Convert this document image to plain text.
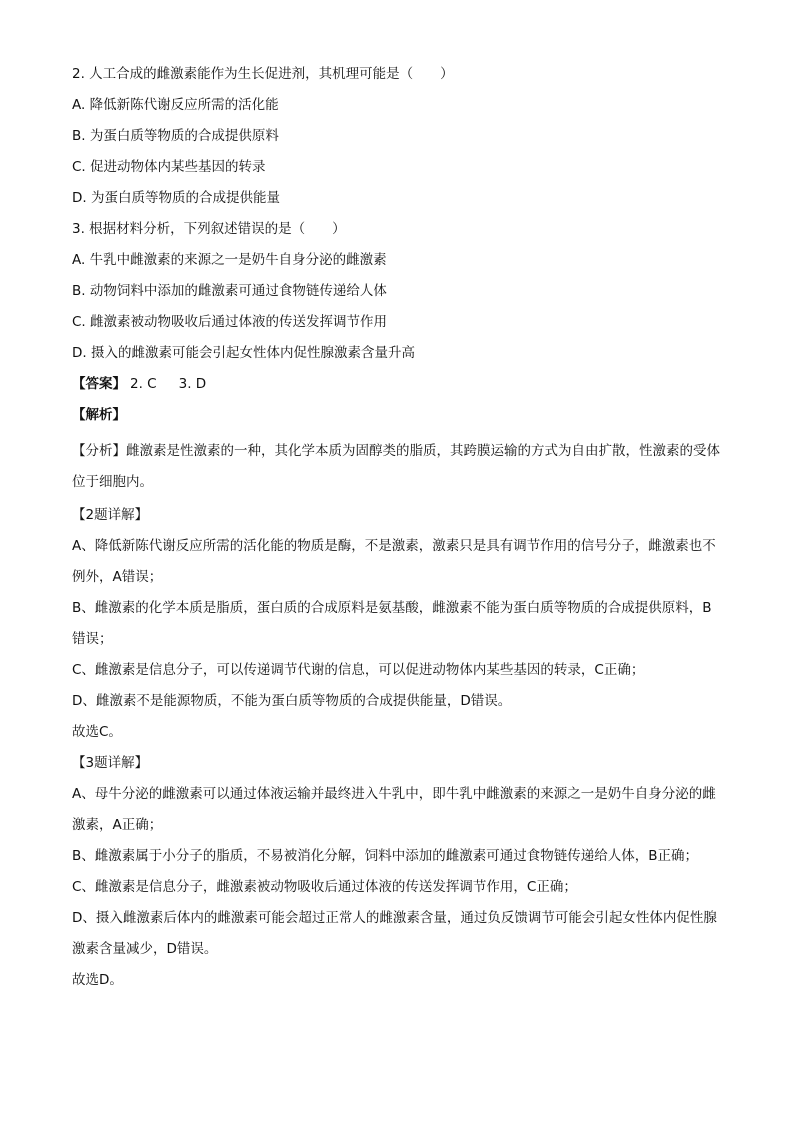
2. 人工合成的雌激素能作为生长促进剂，其机理可能是（　　）

A. 降低新陈代谢反应所需的活化能

B. 为蛋白质等物质的合成提供原料

C. 促进动物体内某些基因的转录

D. 为蛋白质等物质的合成提供能量

3. 根据材料分析，下列叙述错误的是（　　）

A. 牛乳中雌激素的来源之一是奶牛自身分泌的雌激素

B. 动物饲料中添加的雌激素可通过食物链传递给人体

C. 雌激素被动物吸收后通过体液的传送发挥调节作用

D. 摄入的雌激素可能会引起女性体内促性腺激素含量升高

【答案】 2. C 3. D

【解析】

【分析】雌激素是性激素的一种，其化学本质为固醇类的脂质，其跨膜运输的方式为自由扩散，性激素的受体位于细胞内。

【2题详解】

A、降低新陈代谢反应所需的活化能的物质是酶，不是激素，激素只是具有调节作用的信号分子，雌激素也不例外，A错误；

B、雌激素的化学本质是脂质，蛋白质的合成原料是氨基酸，雌激素不能为蛋白质等物质的合成提供原料，B错误；

C、雌激素是信息分子，可以传递调节代谢的信息，可以促进动物体内某些基因的转录，C正确；

D、雌激素不是能源物质，不能为蛋白质等物质的合成提供能量，D错误。

故选C。

【3题详解】

A、母牛分泌的雌激素可以通过体液运输并最终进入牛乳中，即牛乳中雌激素的来源之一是奶牛自身分泌的雌激素，A正确；

B、雌激素属于小分子的脂质，不易被消化分解，饲料中添加的雌激素可通过食物链传递给人体，B正确；

C、雌激素是信息分子，雌激素被动物吸收后通过体液的传送发挥调节作用，C正确；

D、摄入雌激素后体内的雌激素可能会超过正常人的雌激素含量，通过负反馈调节可能会引起女性体内促性腺激素含量减少，D错误。

故选D。
